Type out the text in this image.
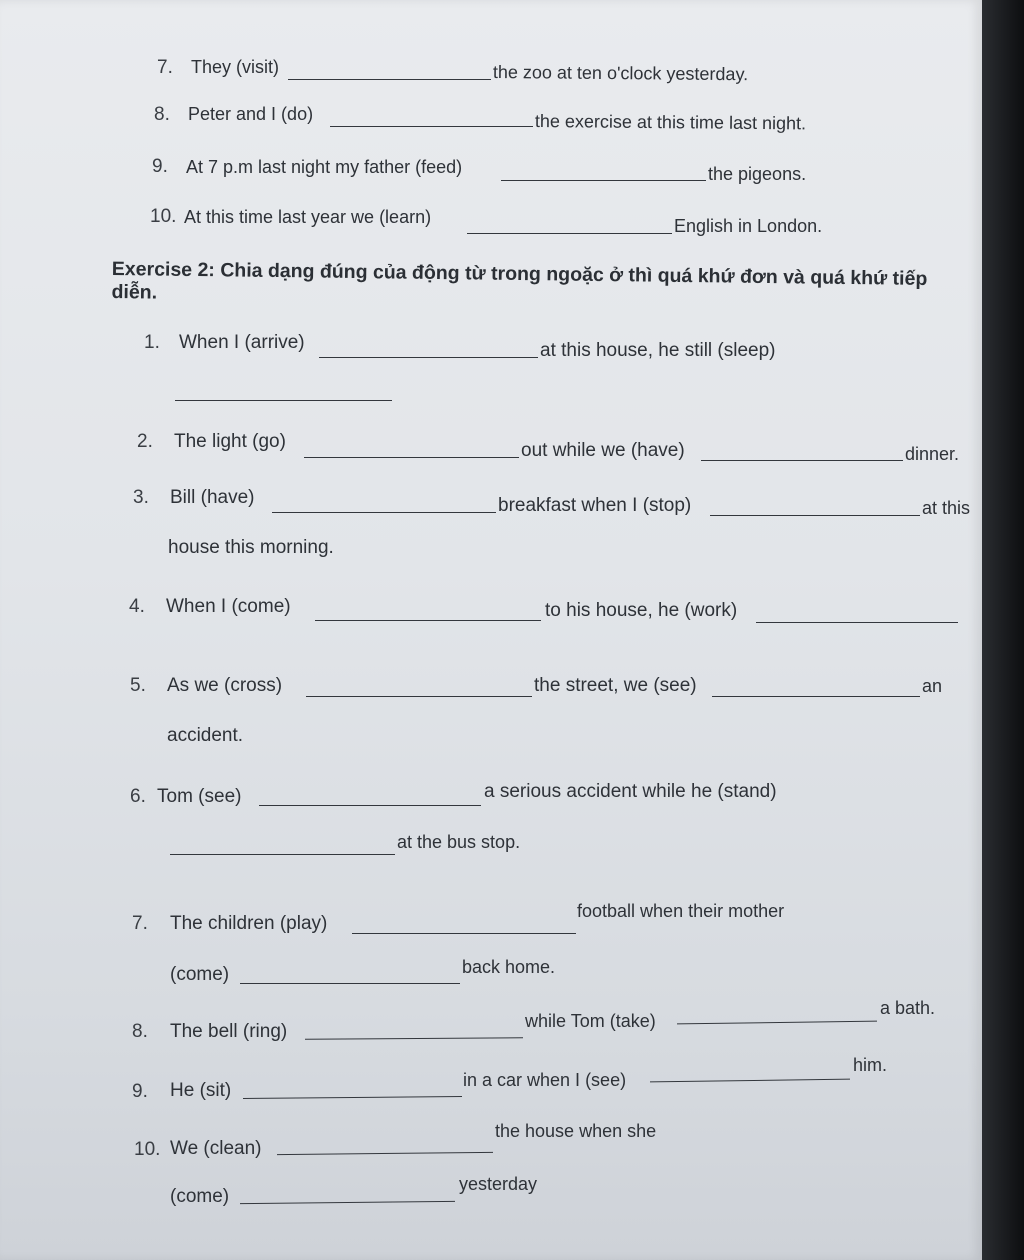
7. They (visit)	the zoo at ten o'clock yesterday.
8. Peter and I (do)	the exercise at this time last night.
9. At 7 p.m last night my father (feed)	the pigeons.
10. At this time last year we (learn)	English in London.
Exercise 2: Chia dạng đúng của động từ trong ngoặc ở thì quá khứ đơn và quá khứ tiếp diễn.
1. When I (arrive)	at this house, he still (sleep)
2. The light (go)	out while we (have)	dinner.
3. Bill (have)	breakfast when I (stop)	at this
house this morning.
4. When I (come)	to his house, he (work)
5. As we (cross)	the street, we (see)	an
accident.
6. Tom (see)	a serious accident while he (stand)
at the bus stop.
7. The children (play)
football when their mother
(come)	back home.
8. The bell (ring)	while Tom (take)
a bath.
9. He (sit)	in a car when I (see)
him.
10. We (clean)
the house when she
(come)
yesterday
